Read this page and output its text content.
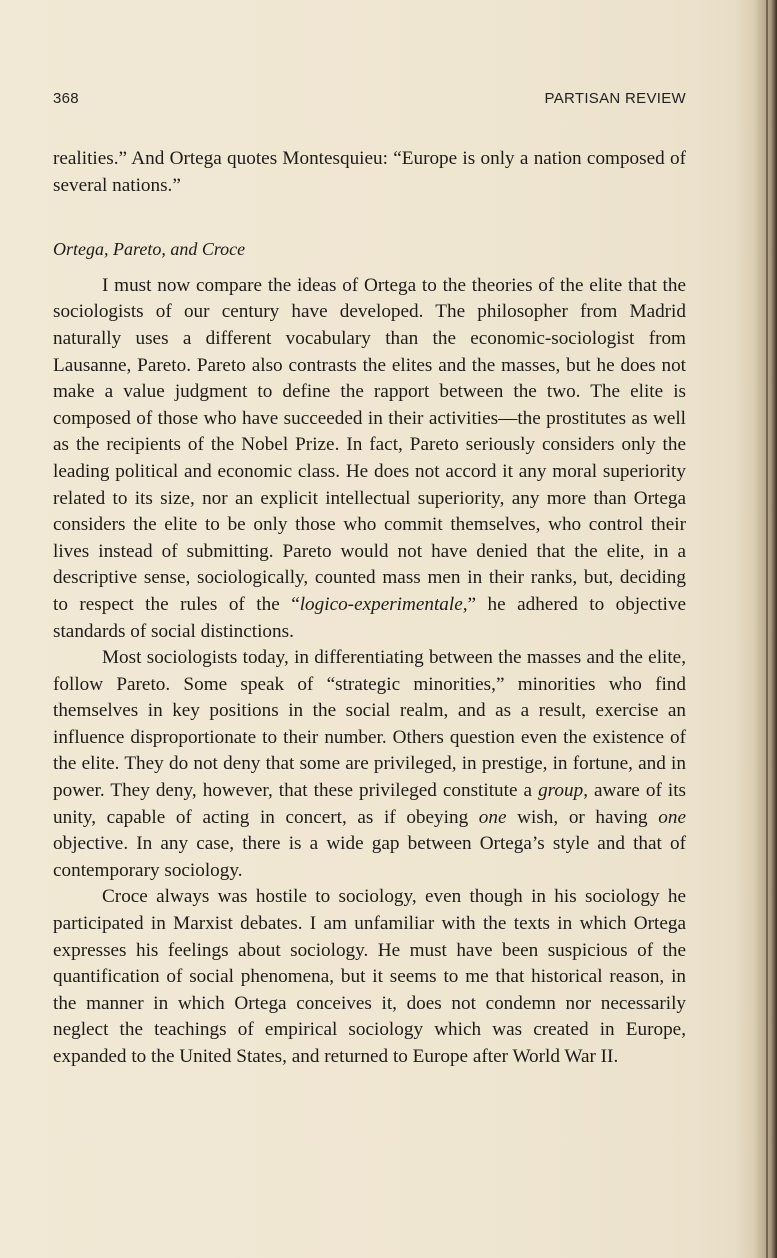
368	PARTISAN REVIEW

realities.” And Ortega quotes Montesquieu: “Europe is only a nation composed of several nations.”

Ortega, Pareto, and Croce

I must now compare the ideas of Ortega to the theories of the elite that the sociologists of our century have developed. The philosopher from Madrid naturally uses a different vocabulary than the economic-sociologist from Lausanne, Pareto. Pareto also contrasts the elites and the masses, but he does not make a value judgment to define the rapport between the two. The elite is composed of those who have succeeded in their activities—the prostitutes as well as the recipients of the Nobel Prize. In fact, Pareto seriously considers only the leading political and economic class. He does not accord it any moral superiority related to its size, nor an explicit intellectual superiority, any more than Ortega considers the elite to be only those who commit themselves, who control their lives instead of submitting. Pareto would not have denied that the elite, in a descriptive sense, sociologically, counted mass men in their ranks, but, deciding to respect the rules of the “logico-experimentale,” he adhered to objective standards of social distinctions.

Most sociologists today, in differentiating between the masses and the elite, follow Pareto. Some speak of “strategic minorities,” minorities who find themselves in key positions in the social realm, and as a result, exercise an influence disproportionate to their number. Others question even the existence of the elite. They do not deny that some are privileged, in prestige, in fortune, and in power. They deny, however, that these privileged constitute a group, aware of its unity, capable of acting in concert, as if obeying one wish, or having one objective. In any case, there is a wide gap between Ortega’s style and that of contemporary sociology.

Croce always was hostile to sociology, even though in his sociology he participated in Marxist debates. I am unfamiliar with the texts in which Ortega expresses his feelings about sociology. He must have been suspicious of the quantification of social phenomena, but it seems to me that historical reason, in the manner in which Ortega conceives it, does not condemn nor necessarily neglect the teachings of empirical sociology which was created in Europe, expanded to the United States, and returned to Europe after World War II.
